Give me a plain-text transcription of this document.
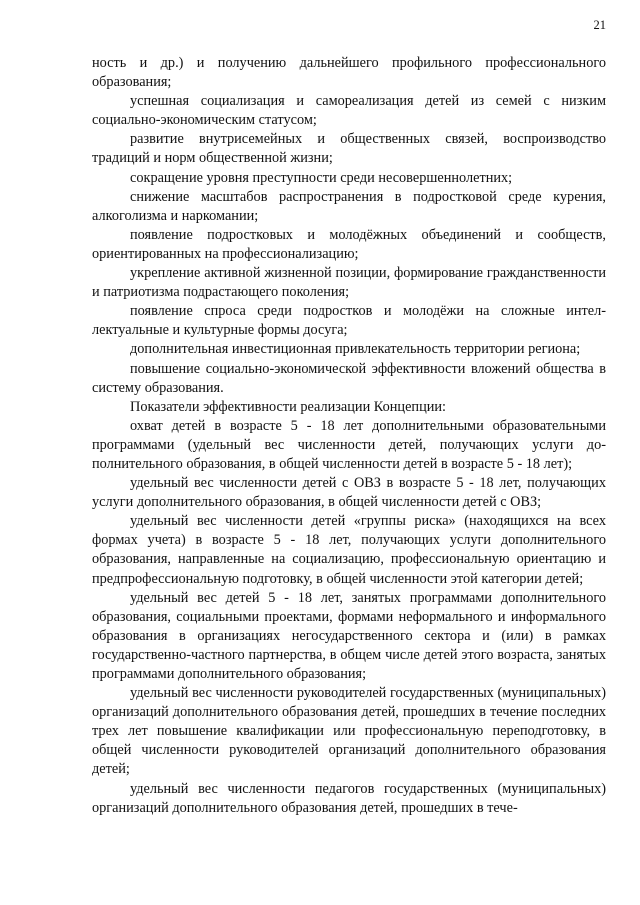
21

ность и др.) и получению дальнейшего профильного профессионального образования;

успешная социализация и самореализация детей из семей с низким социально-экономическим статусом;

развитие внутрисемейных и общественных связей, воспроизводство традиций и норм общественной жизни;

сокращение уровня преступности среди несовершеннолетних;

снижение масштабов распространения в подростковой среде курения, алкоголизма и наркомании;

появление подростковых и молодёжных объединений и сообществ, ориентированных на профессионализацию;

укрепление активной жизненной позиции, формирование гражданственности и патриотизма подрастающего поколения;

появление спроса среди подростков и молодёжи на сложные интеллектуальные и культурные формы досуга;

дополнительная инвестиционная привлекательность территории региона;

повышение социально-экономической эффективности вложений общества в систему образования.

Показатели эффективности реализации Концепции:

охват детей в возрасте 5 - 18 лет дополнительными образовательными программами (удельный вес численности детей, получающих услуги дополнительного образования, в общей численности детей в возрасте 5 - 18 лет);

удельный вес численности детей с ОВЗ в возрасте 5 - 18 лет, получающих услуги дополнительного образования, в общей численности детей с ОВЗ;

удельный вес численности детей «группы риска» (находящихся на всех формах учета) в возрасте 5 - 18 лет, получающих услуги дополнительного образования, направленные на социализацию, профессиональную ориентацию и предпрофессиональную подготовку, в общей численности этой категории детей;

удельный вес детей 5 - 18 лет, занятых программами дополнительного образования, социальными проектами, формами неформального и информального образования в организациях негосударственного сектора и (или) в рамках государственно-частного партнерства, в общем числе детей этого возраста, занятых программами дополнительного образования;

удельный вес численности руководителей государственных (муниципальных) организаций дополнительного образования детей, прошедших в течение последних трех лет повышение квалификации или профессиональную переподготовку, в общей численности руководителей организаций дополнительного образования детей;

удельный вес численности педагогов государственных (муниципальных) организаций дополнительного образования детей, прошедших в тече-
